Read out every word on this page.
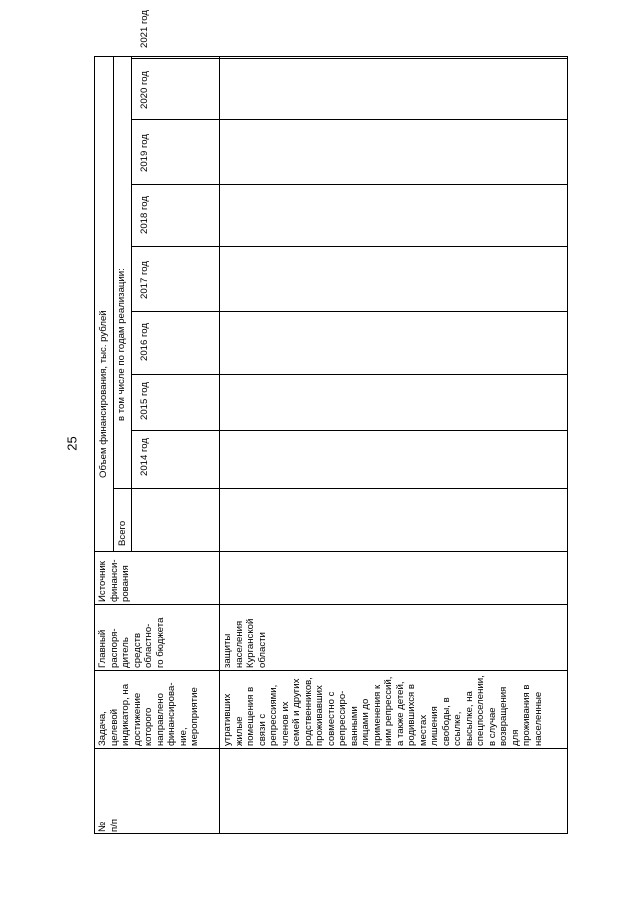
25
№
п/п
Задача,
целевой
индикатор, на
достижение
которого
направлено
финансирова-
ние,
мероприятие
Главный
распоря-
дитель
средств
областно-
го бюджета
Источник
финанси-
рования
Объем финансирования, тыс. рублей
Всего
в том числе по годам реализации:
2014 год
2015 год
2016 год
2017 год
2018 год
2019 год
2020 год
2021 год
утративших
жилые
помещения в
связи с
репрессиями,
членов их
семей и других
родственников,
проживавших
совместно с
репрессиро-
ванными
лицами до
применения к
ним репрессий,
а также детей,
родившихся в
местах
лишения
свободы, в
ссылке,
высылке, на
спецпоселении,
в случае
возвращения
для
проживания в
населенные
защиты
населения
Курганской
области
